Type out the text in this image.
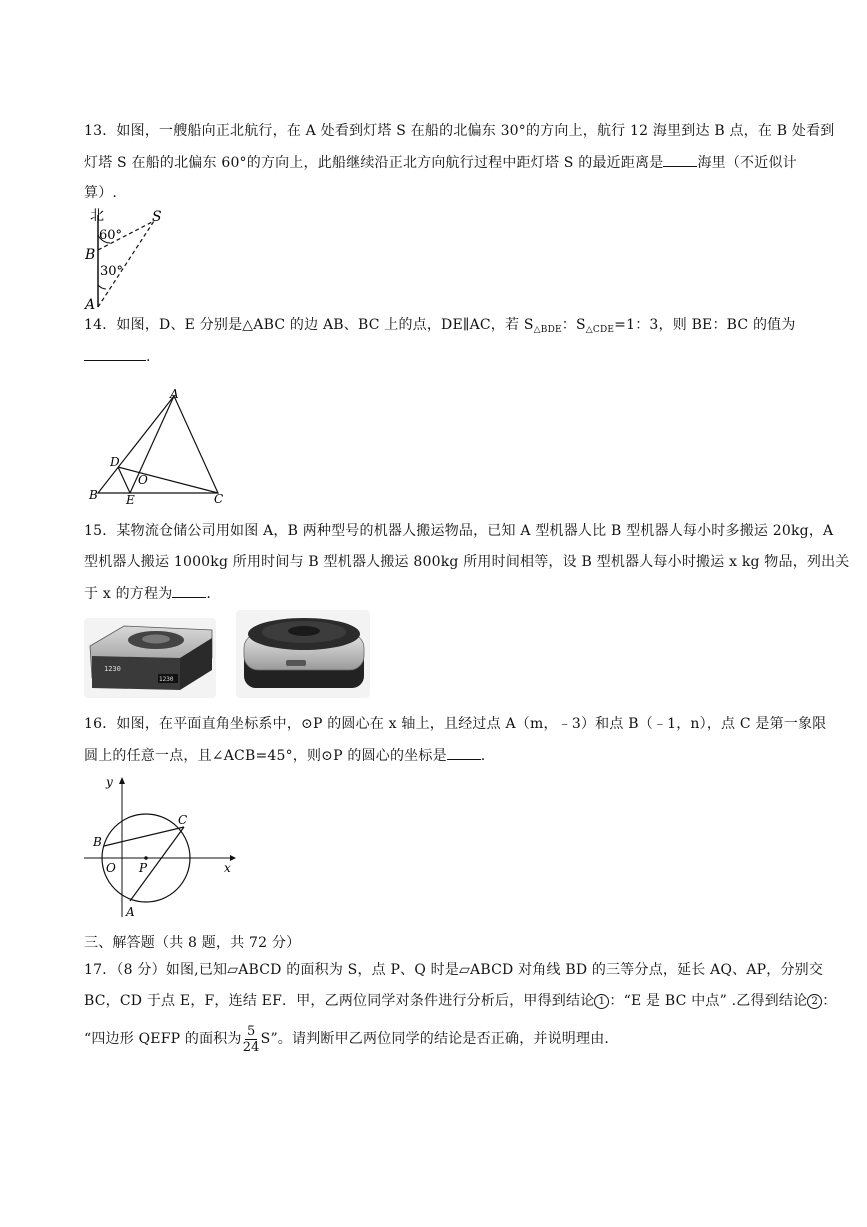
13．如图，一艘船向正北航行，在 A 处看到灯塔 S 在船的北偏东 30°的方向上，航行 12 海里到达 B 点，在 B 处看到
灯塔 S 在船的北偏东 60°的方向上，此船继续沿正北方向航行过程中距灯塔 S 的最近距离是 海里（不近似计
算）.
北	S
B
A
60°
30°
14．如图，D、E 分别是△ABC 的边 AB、BC 上的点，DE∥AC，若 $S_{\triangle BDE}$：$S_{\triangle CDE}=1$：3，则 BE：BC 的值为
.
A
B	C
D
E
O
15．某物流仓储公司用如图 A，B 两种型号的机器人搬运物品，已知 A 型机器人比 B 型机器人每小时多搬运 20kg，A
型机器人搬运 1000kg 所用时间与 B 型机器人搬运 800kg 所用时间相等，设 B 型机器人每小时搬运 x kg 物品，列出关
于 x 的方程为 .
1230
1230
16．如图，在平面直角坐标系中，⊙P 的圆心在 x 轴上，且经过点 A（m，﹣3）和点 B（﹣1，n），点 C 是第一象限
圆上的任意一点，且∠ACB=45°，则⊙P 的圆心的坐标是 .
y
x
O P
B
C
A
三、解答题（共 8 题，共 72 分）
17．（8 分）如图,已知▱ABCD 的面积为 S，点 P、Q 时是▱ABCD 对角线 BD 的三等分点，延长 AQ、AP，分别交
BC，CD 于点 E，F，连结 EF．甲，乙两位同学对条件进行分析后，甲得到结论 1 ：“E 是 BC 中点” .乙得到结论 2 ：
“四边形 QEFP 的面积为 $\frac{5}{24} S$”。请判断甲乙两位同学的结论是否正确，并说明理由.
